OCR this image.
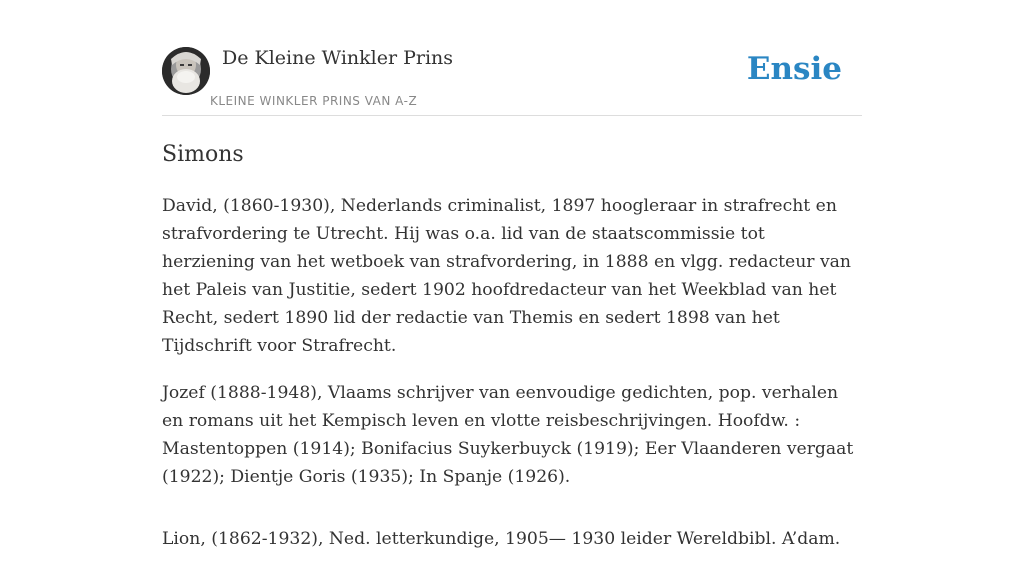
De Kleine Winkler Prins
KLEINE WINKLER PRINS VAN A-Z
Ensie
Simons

David, (1860-1930), Nederlands criminalist, 1897 hoogleraar in strafrecht en strafvordering te Utrecht. Hij was o.a. lid van de staatscommissie tot herziening van het wetboek van strafvordering, in 1888 en vlgg. redacteur van het Paleis van Justitie, sedert 1902 hoofdredacteur van het Weekblad van het Recht, sedert 1890 lid der redactie van Themis en sedert 1898 van het Tijdschrift voor Strafrecht.

Jozef (1888-1948), Vlaams schrijver van eenvoudige gedichten, pop. verhalen en romans uit het Kempisch leven en vlotte reisbeschrijvingen. Hoofdw. : Mastentoppen (1914); Bonifacius Suykerbuyck (1919); Eer Vlaanderen vergaat (1922); Dientje Goris (1935); In Spanje (1926).

Lion, (1862-1932), Ned. letterkundige, 1905— 1930 leider Wereldbibl. A’dam.
